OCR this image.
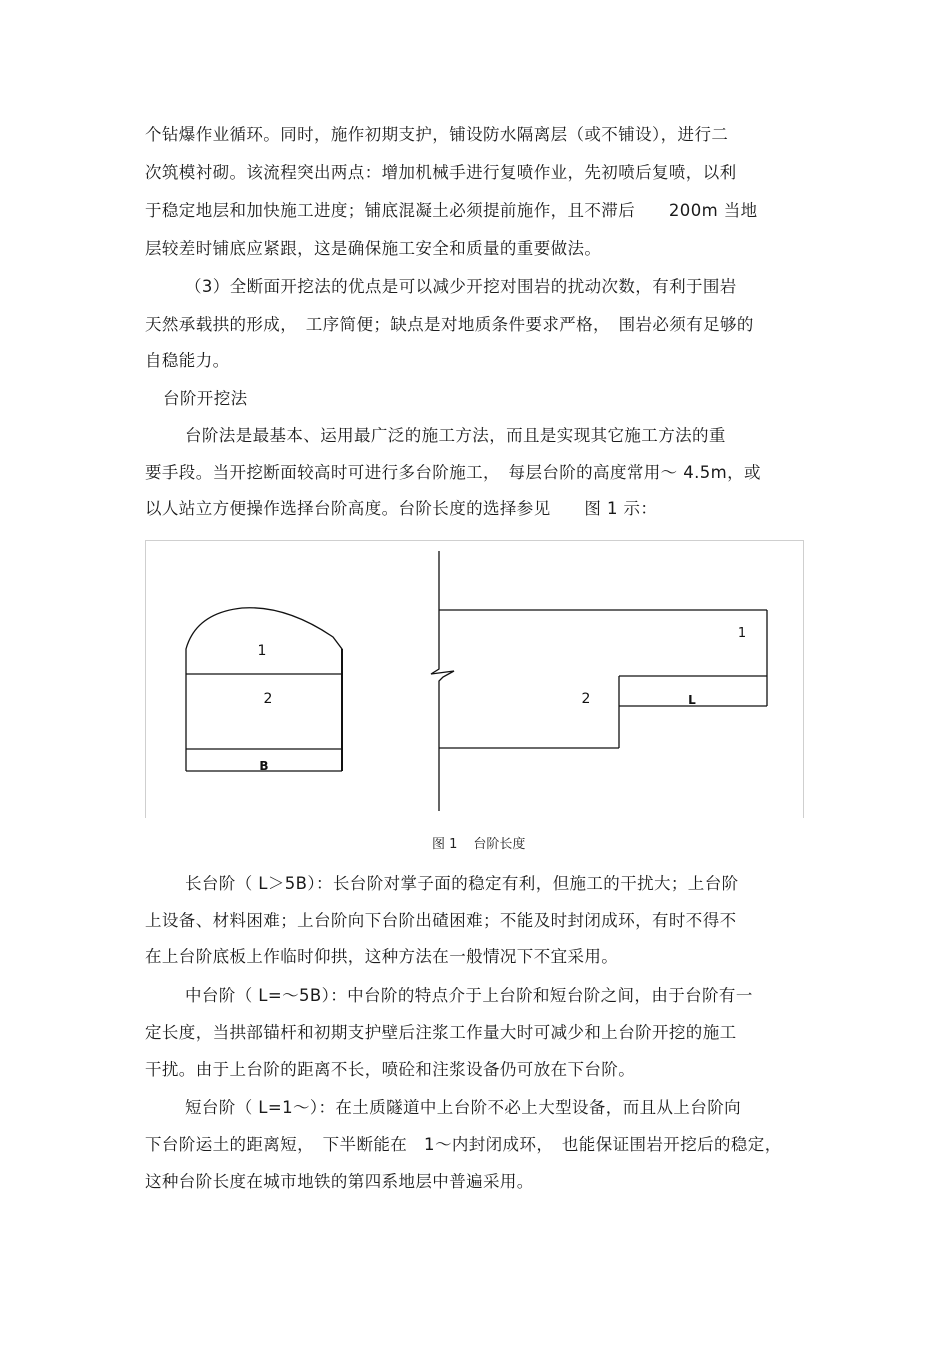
个钻爆作业循环。同时，施作初期支护，铺设防水隔离层（或不铺设），进行二
次筑模衬砌。该流程突出两点：增加机械手进行复喷作业，先初喷后复喷，以利
于稳定地层和加快施工进度；铺底混凝土必须提前施作，且不滞后　　200m 当地
层较差时铺底应紧跟，这是确保施工安全和质量的重要做法。
（3）全断面开挖法的优点是可以减少开挖对围岩的扰动次数，有利于围岩
天然承载拱的形成，　工序简便；缺点是对地质条件要求严格，　围岩必须有足够的
自稳能力。
台阶开挖法
台阶法是最基本、运用最广泛的施工方法，而且是实现其它施工方法的重
要手段。当开挖断面较高时可进行多台阶施工，　每层台阶的高度常用～ 4.5m，或
以人站立方便操作选择台阶高度。台阶长度的选择参见　　图 1 示：
1
2
B
1
2	L
图 1 台阶长度
长台阶（ L＞5B）：长台阶对掌子面的稳定有利，但施工的干扰大；上台阶
上设备、材料困难；上台阶向下台阶出碴困难；不能及时封闭成环，有时不得不
在上台阶底板上作临时仰拱，这种方法在一般情况下不宜采用。
中台阶（ L=～5B）：中台阶的特点介于上台阶和短台阶之间，由于台阶有一
定长度，当拱部锚杆和初期支护壁后注浆工作量大时可减少和上台阶开挖的施工
干扰。由于上台阶的距离不长，喷砼和注浆设备仍可放在下台阶。
短台阶（ L=1～）：在土质隧道中上台阶不必上大型设备，而且从上台阶向
下台阶运土的距离短，　下半断能在　1～内封闭成环，　也能保证围岩开挖后的稳定，
这种台阶长度在城市地铁的第四系地层中普遍采用。
